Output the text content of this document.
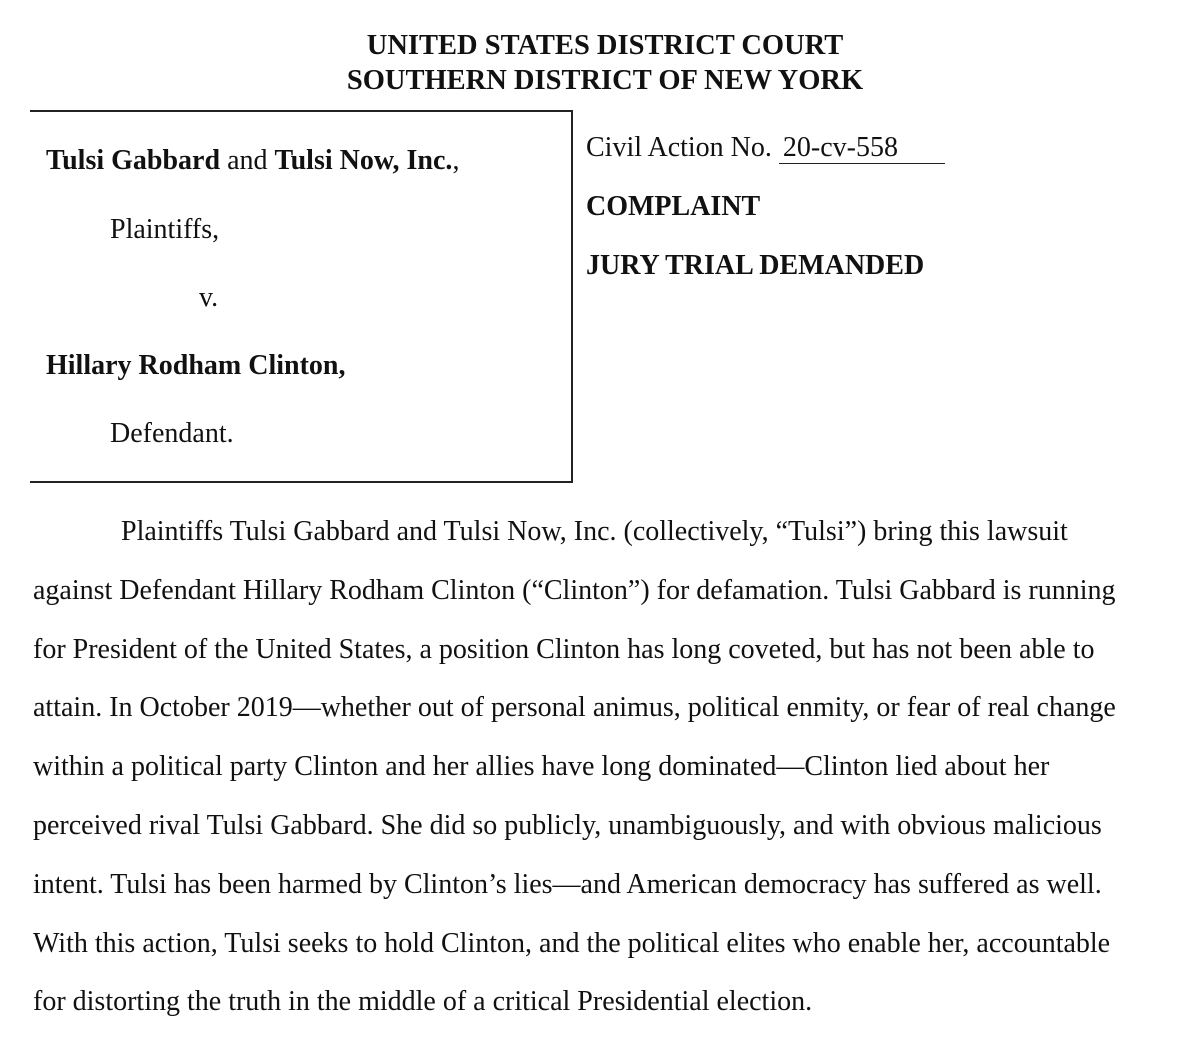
UNITED STATES DISTRICT COURT
SOUTHERN DISTRICT OF NEW YORK
Tulsi Gabbard and Tulsi Now, Inc.,
Plaintiffs,
v.
Hillary Rodham Clinton,
Defendant.
Civil Action No. 20-cv-558
COMPLAINT
JURY TRIAL DEMANDED

Plaintiffs Tulsi Gabbard and Tulsi Now, Inc. (collectively, “Tulsi”) bring this lawsuit

against Defendant Hillary Rodham Clinton (“Clinton”) for defamation. Tulsi Gabbard is running

for President of the United States, a position Clinton has long coveted, but has not been able to

attain. In October 2019—whether out of personal animus, political enmity, or fear of real change

within a political party Clinton and her allies have long dominated—Clinton lied about her

perceived rival Tulsi Gabbard. She did so publicly, unambiguously, and with obvious malicious

intent. Tulsi has been harmed by Clinton’s lies—and American democracy has suffered as well.

With this action, Tulsi seeks to hold Clinton, and the political elites who enable her, accountable

for distorting the truth in the middle of a critical Presidential election.
